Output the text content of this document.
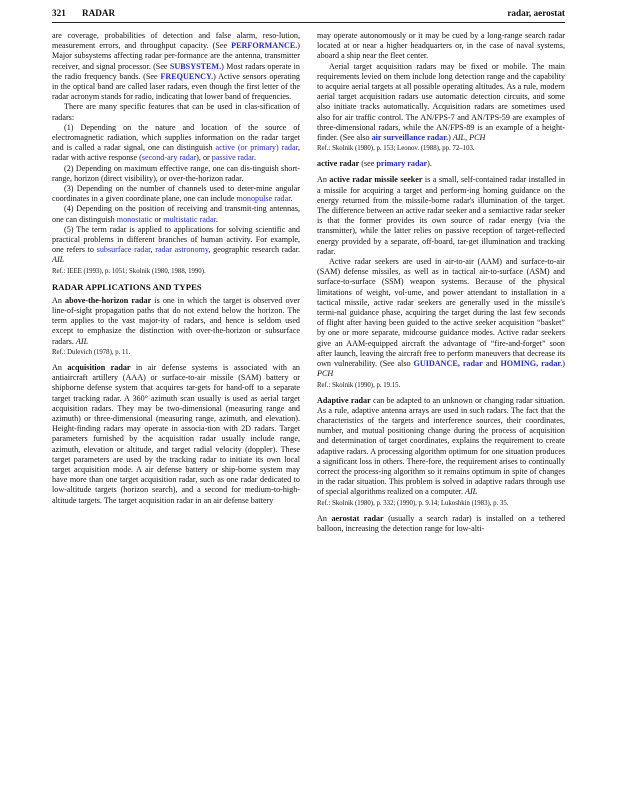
321 RADAR	radar, aerostat

are coverage, probabilities of detection and false alarm, reso-lution, measurement errors, and throughput capacity. (See PERFORMANCE.) Major subsystems affecting radar per-formance are the antenna, transmitter receiver, and signal processor. (See SUBSYSTEM.) Most radars operate in the radio frequency bands. (See FREQUENCY.) Active sensors operating in the optical band are called laser radars, even though the first letter of the radar acronym stands for radio, indicating that lower band of frequencies.

There are many specific features that can be used in clas-sification of radars:

(1) Depending on the nature and location of the source of electromagnetic radiation, which supplies information on the radar target and is called a radar signal, one can distinguish active (or primary) radar, radar with active response (second-ary radar), or passive radar.

(2) Depending on maximum effective range, one can dis-tinguish short-range, horizon (direct visibility), or over-the-horizon radar.

(3) Depending on the number of channels used to deter-mine angular coordinates in a given coordinate plane, one can include monopulse radar.

(4) Depending on the position of receiving and transmit-ting antennas, one can distinguish monostatic or multistatic radar.

(5) The term radar is applied to applications for solving scientific and practical problems in different branches of human activity. For example, one refers to subsurface radar, radar astronomy, geographic research radar. AIL

Ref.: IEEE (1993), p. 1051; Skolnik (1980, 1988, 1990).

RADAR APPLICATIONS AND TYPES

An above-the-horizon radar is one in which the target is observed over line-of-sight propagation paths that do not extend below the horizon. The term applies to the vast major-ity of radars, and hence is seldom used except to emphasize the distinction with over-the-horizon or subsurface radars. AIL

Ref.: Dulevich (1978), p. 11.

An acquisition radar in air defense systems is associated with an antiaircraft artillery (AAA) or surface-to-air missile (SAM) battery or shipborne defense system that acquires tar-gets for hand-off to a separate target tracking radar. A 360° azimuth scan usually is used as aerial target acquisition radars. They may be two-dimensional (measuring range and azimuth) or three-dimensional (measuring range, azimuth, and elevation). Height-finding radars may operate in associa-tion with 2D radars. Target parameters furnished by the acquisition radar usually include range, azimuth, elevation or altitude, and target radial velocity (doppler). These target parameters are used by the tracking radar to initiate its own local target acquisition mode. A air defense battery or ship-borne system may have more than one target acquisition radar, such as one radar dedicated to low-altitude targets (horizon search), and a second for medium-to-high- altitude targets. The target acquisition radar in an air defense battery

may operate autonomously or it may be cued by a long-range search radar located at or near a higher headquarters or, in the case of naval systems, aboard a ship near the fleet center.

Aerial target acquisition radars may be fixed or mobile. The main requirements levied on them include long detection range and the capability to acquire aerial targets at all possible operating altitudes. As a rule, modern aerial target acquisition radars use automatic detection circuits, and some also initiate tracks automatically. Acquisition radars are sometimes used also for air traffic control. The AN/FPS-7 and AN/TPS-59 are examples of three-dimensional radars, while the AN/FPS-89 is an example of a height-finder. (See also air surveillance radar.) AIL, PCH

Ref.: Skolnik (1980), p. 153; Leonov. (1988), pp. 72–103.

active radar (see primary radar).

An active radar missile seeker is a small, self-contained radar installed in a missile for acquiring a target and perform-ing homing guidance on the energy returned from the missile-borne radar's illumination of the target. The difference between an active radar seeker and a semiactive radar seeker is that the former provides its own source of radar energy (via the transmitter), while the latter relies on passive reception of target-reflected energy provided by a separate, off-board, tar-get illumination and tracking radar.

Active radar seekers are used in air-to-air (AAM) and surface-to-air (SAM) defense missiles, as well as in tactical air-to-surface (ASM) and surface-to-surface (SSM) weapon systems. Because of the physical limitations of weight, vol-ume, and power attendant to installation in a tactical missile, active radar seekers are generally used in the missile's termi-nal guidance phase, acquiring the target during the last few seconds of flight after having been guided to the active seeker acquisition “basket” by one or more separate, midcourse guidance modes. Active radar seekers give an AAM-equipped aircraft the advantage of “fire-and-forget” soon after launch, leaving the aircraft free to perform maneuvers that decrease its own vulnerability. (See also GUIDANCE, radar and HOMING, radar.) PCH

Ref.: Skolnik (1990), p. 19.15.

Adaptive radar can be adapted to an unknown or changing radar situation. As a rule, adaptive antenna arrays are used in such radars. The fact that the characteristics of the targets and interference sources, their coordinates, number, and mutual positioning change during the process of acquisition and determination of target coordinates, explains the requirement to create adaptive radars. A processing algorithm optimum for one situation produces a significant loss in others. There-fore, the requirement arises to continually correct the process-ing algorithm so it remains optimum in spite of changes in the radar situation. This problem is solved in adaptive radars through use of special algorithms realized on a computer. AIL

Ref.: Skolnik (1980), p. 332; (1990), p. 9.14; Lukoshkin (1983), p. 35.

An aerostat radar (usually a search radar) is installed on a tethered balloon, increasing the detection range for low-alti-
